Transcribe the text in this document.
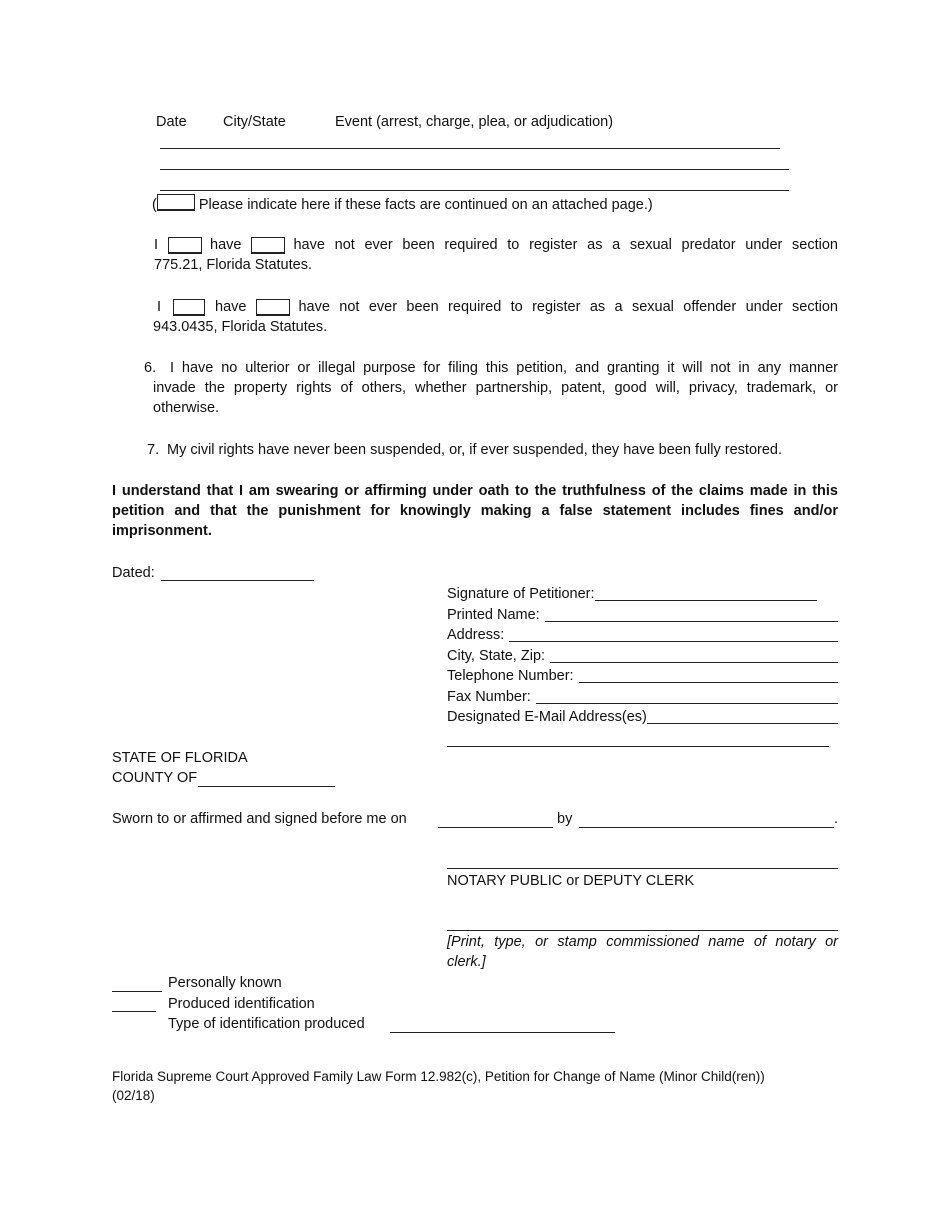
Date	City/State	Event (arrest, charge, plea, or adjudication)
(	Please indicate here if these facts are continued on an attached page.)
I	have	have not ever been required to register as a sexual predator under section
775.21, Florida Statutes.
I	have	have not ever been required to register as a sexual offender under section
943.0435, Florida Statutes.
6. I have no ulterior or illegal purpose for filing this petition, and granting it will not in any manner
invade the property rights of others, whether partnership, patent, good will, privacy, trademark, or
otherwise.
7. My civil rights have never been suspended, or, if ever suspended, they have been fully restored.
I understand that I am swearing or affirming under oath to the truthfulness of the claims made in this
petition and that the punishment for knowingly making a false statement includes fines and/or
imprisonment.
Dated:
Signature of Petitioner:
Printed Name:
Address:
City, State, Zip:
Telephone Number:
Fax Number:
Designated E-Mail Address(es)
STATE OF FLORIDA
COUNTY OF
Sworn to or affirmed and signed before me on	by	.
NOTARY PUBLIC or DEPUTY CLERK
[Print, type, or stamp commissioned name of notary or
clerk.]
Personally known
Produced identification
Type of identification produced
Florida Supreme Court Approved Family Law Form 12.982(c), Petition for Change of Name (Minor Child(ren))
(02/18)
